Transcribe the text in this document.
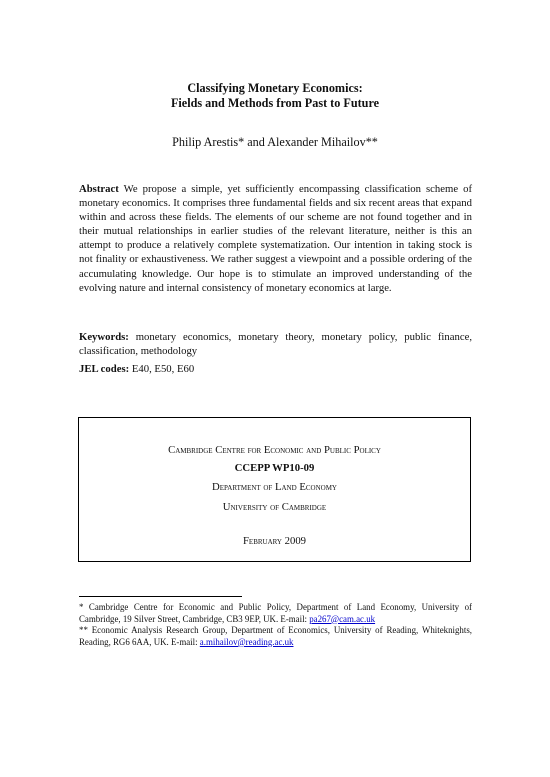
Classifying Monetary Economics:
Fields and Methods from Past to Future
Philip Arestis* and Alexander Mihailov**
Abstract We propose a simple, yet sufficiently encompassing classification scheme of monetary economics. It comprises three fundamental fields and six recent areas that expand within and across these fields. The elements of our scheme are not found together and in their mutual relationships in earlier studies of the relevant literature, neither is this an attempt to produce a relatively complete systematization. Our intention in taking stock is not finality or exhaustiveness. We rather suggest a viewpoint and a possible ordering of the accumulating knowledge. Our hope is to stimulate an improved understanding of the evolving nature and internal consistency of monetary economics at large.
Keywords: monetary economics, monetary theory, monetary policy, public finance, classification, methodology
JEL codes: E40, E50, E60
Cambridge Centre for Economic and Public Policy
CCEPP WP10-09
Department of Land Economy
University of Cambridge
February 2009
* Cambridge Centre for Economic and Public Policy, Department of Land Economy, University of Cambridge, 19 Silver Street, Cambridge, CB3 9EP, UK. E-mail: pa267@cam.ac.uk
** Economic Analysis Research Group, Department of Economics, University of Reading, Whiteknights, Reading, RG6 6AA, UK. E-mail: a.mihailov@reading.ac.uk
